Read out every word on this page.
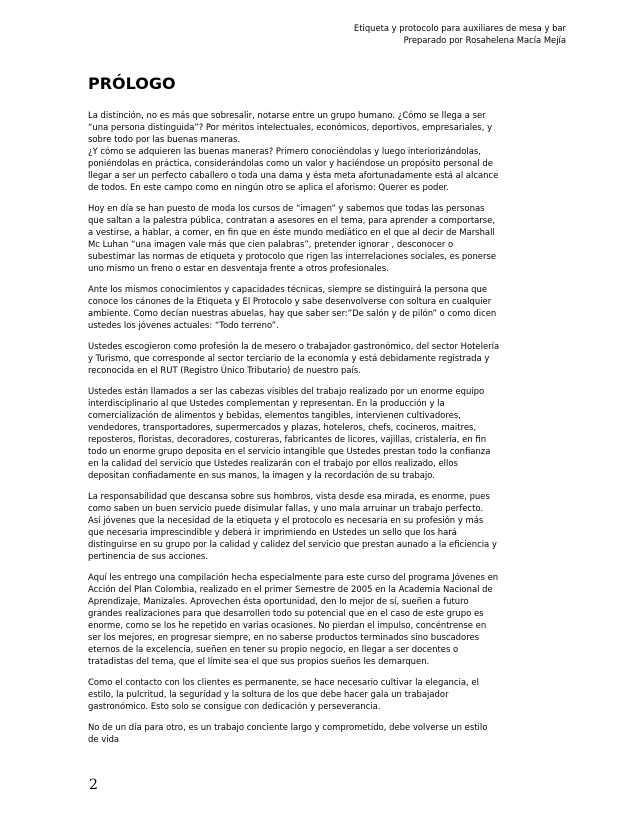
Etiqueta y protocolo para auxiliares de mesa y bar
Preparado por Rosahelena Macía Mejía
PRÓLOGO

La distinción, no es más que sobresalir, notarse entre un grupo humano. ¿Cómo se llega a ser
“una persona distinguida”? Por méritos intelectuales, económicos, deportivos, empresariales, y
sobre todo por las buenas maneras.

¿Y cómo se adquieren las buenas maneras? Primero conociéndolas y luego interiorizándolas,
poniéndolas en práctica, considerándolas como un valor y haciéndose un propósito personal de
llegar a ser un perfecto caballero o toda una dama y ésta meta afortunadamente está al alcance
de todos. En este campo como en ningún otro se aplica el aforismo: Querer es poder.

Hoy en día se han puesto de moda los cursos de “imagen” y sabemos que todas las personas
que saltan a la palestra pública, contratan a asesores en el tema, para aprender a comportarse,
a vestirse, a hablar, a comer, en fin que en éste mundo mediático en el que al decir de Marshall
Mc Luhan “una imagen vale más que cien palabras”, pretender ignorar , desconocer o
subestimar las normas de etiqueta y protocolo que rigen las interrelaciones sociales, es ponerse
uno mismo un freno o estar en desventaja frente a otros profesionales.

Ante los mismos conocimientos y capacidades técnicas, siempre se distinguirá la persona que
conoce los cánones de la Etiqueta y El Protocolo y sabe desenvolverse con soltura en cualquier
ambiente. Como decían nuestras abuelas, hay que saber ser:”De salón y de pilón” o como dicen
ustedes los jóvenes actuales: “Todo terreno”.

Ustedes escogieron como profesión la de mesero o trabajador gastronómico, del sector Hotelería
y Turismo, que corresponde al sector terciario de la economía y está debidamente registrada y
reconocida en el RUT (Registro Único Tributario) de nuestro país.

Ustedes están llamados a ser las cabezas visibles del trabajo realizado por un enorme equipo
interdisciplinario al que Ustedes complementan y representan. En la producción y la
comercialización de alimentos y bebidas, elementos tangibles, intervienen cultivadores,
vendedores, transportadores, supermercados y plazas, hoteleros, chefs, cocineros, maitres,
reposteros, floristas, decoradores, costureras, fabricantes de licores, vajillas, cristalería, en fin
todo un enorme grupo deposita en el servicio intangible que Ustedes prestan todo la confianza
en la calidad del servicio que Ustedes realizarán con el trabajo por ellos realizado, ellos
depositan confiadamente en sus manos, la imagen y la recordación de su trabajo.

La responsabilidad que descansa sobre sus hombros, vista desde esa mirada, es enorme, pues
como saben un buen servicio puede disimular fallas, y uno mala arruinar un trabajo perfecto.

Así jóvenes que la necesidad de la etiqueta y el protocolo es necesaria en su profesión y más
que necesaria imprescindible y deberá ir imprimiendo en Ustedes un sello que los hará
distinguirse en su grupo por la calidad y calidez del servicio que prestan aunado a la eficiencia y
pertinencia de sus acciones.

Aquí les entrego una compilación hecha especialmente para este curso del programa Jóvenes en
Acción del Plan Colombia, realizado en el primer Semestre de 2005 en la Academia Nacional de
Aprendizaje, Manizales. Aprovechen ésta oportunidad, den lo mejor de sí, sueñen a futuro
grandes realizaciones para que desarrollen todo su potencial que en el caso de este grupo es
enorme, como se los he repetido en varias ocasiones. No pierdan el impulso, concéntrense en
ser los mejores, en progresar siempre, en no saberse productos terminados sino buscadores
eternos de la excelencia, sueñen en tener su propio negocio, en llegar a ser docentes o
tratadistas del tema, que el límite sea el que sus propios sueños les demarquen.

Como el contacto con los clientes es permanente, se hace necesario cultivar la elegancia, el
estilo, la pulcritud, la seguridad y la soltura de los que debe hacer gala un trabajador
gastronómico. Esto solo se consigue con dedicación y perseverancia.

No de un día para otro, es un trabajo conciente largo y comprometido, debe volverse un estilo
de vida

2
